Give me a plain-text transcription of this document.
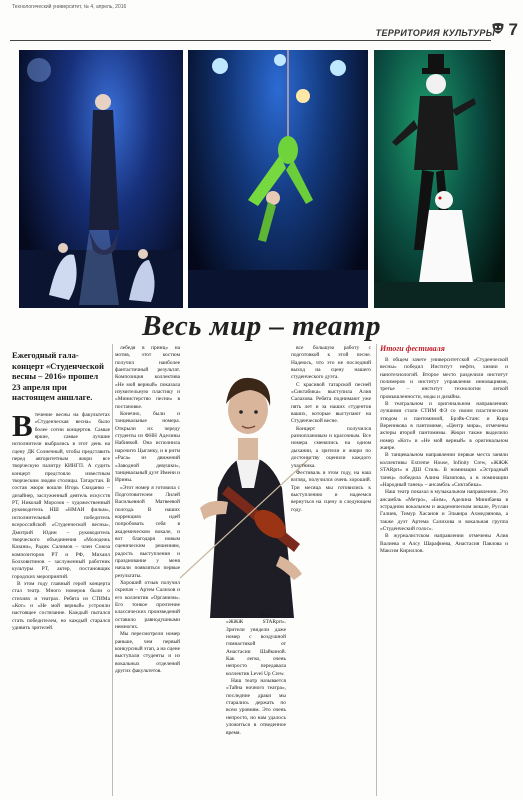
Технологический университет, № 4, апрель, 2016
ТЕРРИТОРИЯ КУЛЬТУРЫ 7
Весь мир – театр
Ежегодный гала-концерт «Студенческой весны – 2016» прошел 23 апреля при настоящем аншлаге.
В течение весны на факультетах «Студенческая весна» было более сотни концертов. Самые яркие, самые лучшие исполнители выбрались в этот день на сцену ДК Солнечный, чтобы представить перед авторитетным жюри все творческую палитру КИНГП. А судить концерт предстояло известным творческим людям столицы. Татарстан. В состав жюри вошли Игорь Скиданко – дизайнер, заслуженный деятель искусств РТ, Николай Морозов – художественный руководитель НШ «НМАИ фильм», исполнительный победитель всероссийской «Студенческой весны», Дмитрий Юдин – руководитель творческого объединения «Молодежь Казани», Радик Салимов – член Союза композиторов РТ и РФ, Михаил Болховитинов – заслуженный работник культуры РТ, актер, постановщик городских мероприятий.

В этом году главный герой концерта стал театр. Много номеров были о стихиях и театрах. Ребята из СТИМа «Кот» и «Не мой верный» устроили настоящее состязание. Каждый пытался стать победителем, но каждый старался удивить зрителей.

лебедя в принц» на мотив, этот костюм получил наиболее фантастичный результат. Композиция коллектива «Не мой верный» показала изумительную пластику и «Министерство песни» в постановке.

Конечно, были и танцевальные номера. Открыли их череду студенты из ФНН Аделины Набиевой. Она исполнила нарочито Цыганку, и в ритм «Раса» из движений «Заводной девушки», танцевальный дуэт Имени и Ирины.

«Этот номер я готовила с Подготовителем Лилей Васильевной Матвеевой полгода. В наших коррекциях идей попробовать себя в академическом вокале, и вот благодаря новым сценическим решениям, радость выступления и празднование у меня начали появляться первые результаты.

Хороший отзыв получил скрипач – Артем Салихов и его коллектив «Организм». Его тонкое прочтение классических произведений оставило равнодушными немногих.

Мы пересмотрели номер раньше, чем первый конкурсный этап, а на сцене выступали студенты и из вокальных отделений других факультетов.

Extreme House и «ЖЖЖ STARprt». Зрители увидели даже номер с воздушной гимнастикой от Анастасии Шайкиной. Как легко, очень непросто передавала коллектив Level Up Crew.

Наш театр называется «Тайна ночного театра», последние драки мы старались держать по всем уровням. Это очень непросто, но нам удалось уложиться в отведенное время.

все большую работу с подготовкой к этой песне. Надеюсь, что это не последний выход на сцену нашего студенческого дуэта.

С красивой татарской песней «Сиктабика» выступила Алия Салахова. Ребята поднимают уже пять лет и за наших студентов ваших, которые выступают на Студенческой весне.

Концерт получился разноплановым и красочным. Все номера сменялись на одном дыхании, а зрители и жюри по достоинству оценили каждого участника.

Фестиваль в этом году, на наш взгляд, получился очень хороший. Три месяца мы готовились к выступлению и надеемся вернуться на сцену в следующем году.

Итоги фестиваля

В общем зачете университетской «Студенческой весны» победил Институт нефти, химии и нанотехнологий. Второе место разделили институт полимеров и институт управления инновациями, третье – институт технологии легкой промышленности, моды и дизайна.

В театральном и оригинальном направлениях лучшими стали СТИМ ФЭ со своим пластическим этюдом и пантомимой, Брэйк-Станс и Кира Вереникова в пантомиме, «Центр мира», отмечены актеры второй пантомимы. Жюри также выделило номер «Кот» и «Не мой верный» в оригинальном жанре.

В танцевальном направлении первые места заняли коллективы Extreme House, Infinity Crew, «ЖЖЖ STARprt» и ДШ Стиль. В номинации «Эстрадный танец» победила Алина Назипова, а в номинации «Народный танец» – ансамбль «Сиктабика».

Наш театр показал в музыкальном направлении. Это ансамбль «Метро», «Бим», Аделина Минибаева в эстрадном вокальном и академическом вокале, Руслан Галиев, Тимур Хасанов и Эльвира Ахмедзянова, а также дуэт Артема Салихова и вокальная группа «Студенческий голос».

В журналистском направлении отмечены Алия Валиева и Алсу Шарафиева, Анастасия Павлова и Максим Кириллов.
